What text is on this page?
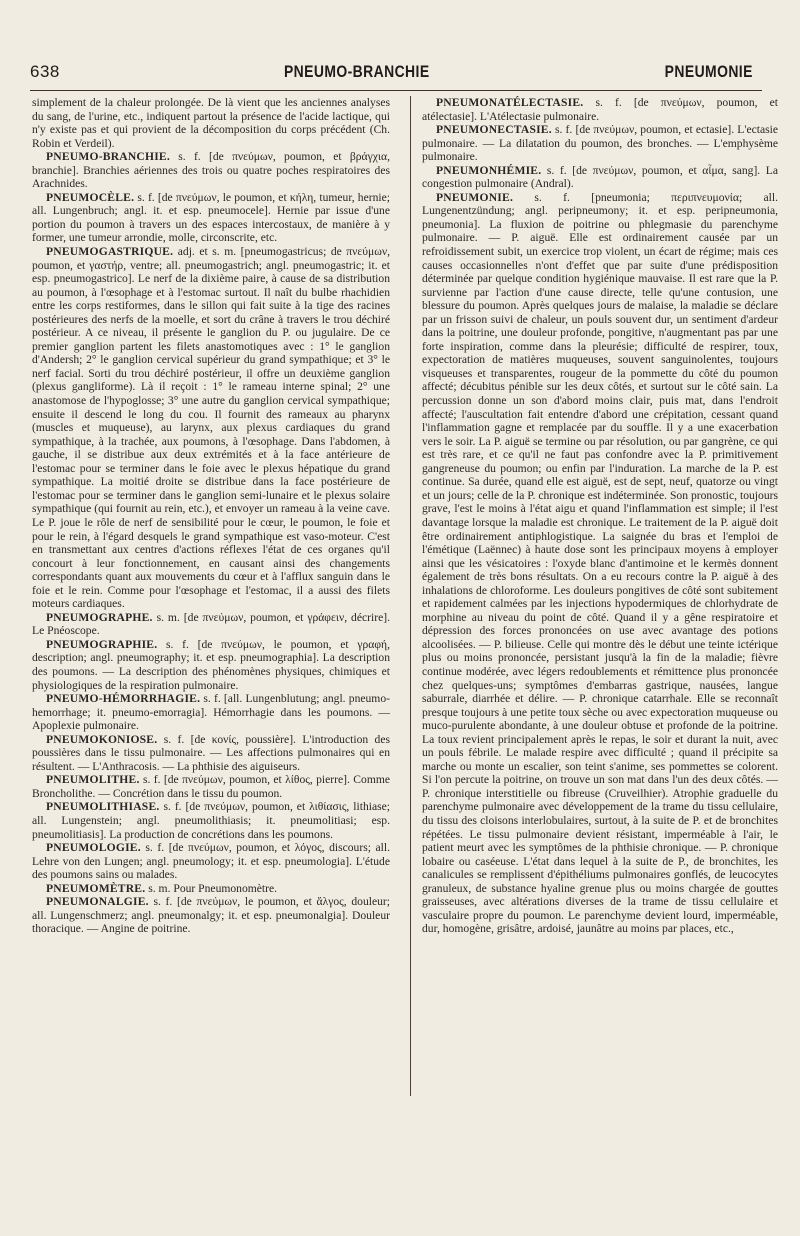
638	PNEUMO-BRANCHIE	PNEUMONIE

simplement de la chaleur prolongée. De là vient que les anciennes analyses du sang, de l'urine, etc., indiquent partout la présence de l'acide lactique, qui n'y existe pas et qui provient de la décomposition du corps précédent (Ch. Robin et Verdeil).

PNEUMO-BRANCHIE. s. f. [de πνεύμων, poumon, et βράγχια, branchie]. Branchies aériennes des trois ou quatre poches respiratoires des Arachnides.

PNEUMOCÈLE. s. f. [de πνεύμων, le poumon, et κήλη, tumeur, hernie; all. Lungenbruch; angl. it. et esp. pneumocele]. Hernie par issue d'une portion du poumon à travers un des espaces intercostaux, de manière à y former, une tumeur arrondie, molle, circonscrite, etc.

PNEUMOGASTRIQUE. adj. et s. m. [pneumogastricus; de πνεύμων, poumon, et γαστήρ, ventre; all. pneumogastrich; angl. pneumogastric; it. et esp. pneumogastrico]. Le nerf de la dixième paire, à cause de sa distribution au poumon, à l'œsophage et à l'estomac surtout. Il naît du bulbe rhachidien entre les corps restiformes, dans le sillon qui fait suite à la tige des racines postérieures des nerfs de la moelle, et sort du crâne à travers le trou déchiré postérieur. A ce niveau, il présente le ganglion du P. ou jugulaire. De ce premier ganglion partent les filets anastomotiques avec : 1° le ganglion d'Andersh; 2° le ganglion cervical supérieur du grand sympathique; et 3° le nerf facial. Sorti du trou déchiré postérieur, il offre un deuxième ganglion (plexus gangliforme). Là il reçoit : 1° le rameau interne spinal; 2° une anastomose de l'hypoglosse; 3° une autre du ganglion cervical sympathique; ensuite il descend le long du cou. Il fournit des rameaux au pharynx (muscles et muqueuse), au larynx, aux plexus cardiaques du grand sympathique, à la trachée, aux poumons, à l'œsophage. Dans l'abdomen, à gauche, il se distribue aux deux extrémités et à la face antérieure de l'estomac pour se terminer dans le foie avec le plexus hépatique du grand sympathique. La moitié droite se distribue dans la face postérieure de l'estomac pour se terminer dans le ganglion semi-lunaire et le plexus solaire sympathique (qui fournit au rein, etc.), et envoyer un rameau à la veine cave. Le P. joue le rôle de nerf de sensibilité pour le cœur, le poumon, le foie et pour le rein, à l'égard desquels le grand sympathique est vaso-moteur. C'est en transmettant aux centres d'actions réflexes l'état de ces organes qu'il concourt à leur fonctionnement, en causant ainsi des changements correspondants quant aux mouvements du cœur et à l'afflux sanguin dans le foie et le rein. Comme pour l'œsophage et l'estomac, il a aussi des filets moteurs cardiaques.

PNEUMOGRAPHE. s. m. [de πνεύμων, poumon, et γράφειν, décrire]. Le Pnéoscope.

PNEUMOGRAPHIE. s. f. [de πνεύμων, le poumon, et γραφή, description; angl. pneumography; it. et esp. pneumographia]. La description des poumons. — La description des phénomènes physiques, chimiques et physiologiques de la respiration pulmonaire.

PNEUMO-HÉMORRHAGIE. s. f. [all. Lungenblutung; angl. pneumo-hemorrhage; it. pneumo-emorragia]. Hémorrhagie dans les poumons. — Apoplexie pulmonaire.

PNEUMOKONIOSE. s. f. [de κονίς, poussière]. L'introduction des poussières dans le tissu pulmonaire. — Les affections pulmonaires qui en résultent. — L'Anthracosis. — La phthisie des aiguiseurs.

PNEUMOLITHE. s. f. [de πνεύμων, poumon, et λίθος, pierre]. Comme Broncholithe. — Concrétion dans le tissu du poumon.

PNEUMOLITHIASE. s. f. [de πνεύμων, poumon, et λιθίασις, lithiase; all. Lungenstein; angl. pneumolithiasis; it. pneumolitiasi; esp. pneumolitiasis]. La production de concrétions dans les poumons.

PNEUMOLOGIE. s. f. [de πνεύμων, poumon, et λόγος, discours; all. Lehre von den Lungen; angl. pneumology; it. et esp. pneumologia]. L'étude des poumons sains ou malades.

PNEUMOMÈTRE. s. m. Pour Pneumonomètre.

PNEUMONALGIE. s. f. [de πνεύμων, le poumon, et ἄλγος, douleur; all. Lungenschmerz; angl. pneumonalgy; it. et esp. pneumonalgia]. Douleur thoracique. — Angine de poitrine.

PNEUMONATÉLECTASIE. s. f. [de πνεύμων, poumon, et atélectasie]. L'Atélectasie pulmonaire.

PNEUMONECTASIE. s. f. [de πνεύμων, poumon, et ectasie]. L'ectasie pulmonaire. — La dilatation du poumon, des bronches. — L'emphysème pulmonaire.

PNEUMONHÉMIE. s. f. [de πνεύμων, poumon, et αἷμα, sang]. La congestion pulmonaire (Andral).

PNEUMONIE. s. f. [pneumonia; περιπνευμονία; all. Lungenentzündung; angl. peripneumony; it. et esp. peripneumonia, pneumonia]. La fluxion de poitrine ou phlegmasie du parenchyme pulmonaire. — P. aiguë. Elle est ordinairement causée par un refroidissement subit, un exercice trop violent, un écart de régime; mais ces causes occasionnelles n'ont d'effet que par suite d'une prédisposition déterminée par quelque condition hygiénique mauvaise. Il est rare que la P. survienne par l'action d'une cause directe, telle qu'une contusion, une blessure du poumon. Après quelques jours de malaise, la maladie se déclare par un frisson suivi de chaleur, un pouls souvent dur, un sentiment d'ardeur dans la poitrine, une douleur profonde, pongitive, n'augmentant pas par une forte inspiration, comme dans la pleurésie; difficulté de respirer, toux, expectoration de matières muqueuses, souvent sanguinolentes, toujours visqueuses et transparentes, rougeur de la pommette du côté du poumon affecté; décubitus pénible sur les deux côtés, et surtout sur le côté sain. La percussion donne un son d'abord moins clair, puis mat, dans l'endroit affecté; l'auscultation fait entendre d'abord une crépitation, cessant quand l'inflammation gagne et remplacée par du souffle. Il y a une exacerbation vers le soir. La P. aiguë se termine ou par résolution, ou par gangrène, ce qui est très rare, et ce qu'il ne faut pas confondre avec la P. primitivement gangreneuse du poumon; ou enfin par l'induration. La marche de la P. est continue. Sa durée, quand elle est aiguë, est de sept, neuf, quatorze ou vingt et un jours; celle de la P. chronique est indéterminée. Son pronostic, toujours grave, l'est le moins à l'état aigu et quand l'inflammation est simple; il l'est davantage lorsque la maladie est chronique. Le traitement de la P. aiguë doit être ordinairement antiphlogistique. La saignée du bras et l'emploi de l'émétique (Laënnec) à haute dose sont les principaux moyens à employer ainsi que les vésicatoires : l'oxyde blanc d'antimoine et le kermès donnent également de très bons résultats. On a eu recours contre la P. aiguë à des inhalations de chloroforme. Les douleurs pongitives de côté sont subitement et rapidement calmées par les injections hypodermiques de chlorhydrate de morphine au niveau du point de côté. Quand il y a gêne respiratoire et dépression des forces prononcées on use avec avantage des potions alcoolisées. — P. bilieuse. Celle qui montre dès le début une teinte ictérique plus ou moins prononcée, persistant jusqu'à la fin de la maladie; fièvre continue modérée, avec légers redoublements et rémittence plus prononcée chez quelques-uns; symptômes d'embarras gastrique, nausées, langue saburrale, diarrhée et délire. — P. chronique catarrhale. Elle se reconnaît presque toujours à une petite toux sèche ou avec expectoration muqueuse ou muco-purulente abondante, à une douleur obtuse et profonde de la poitrine. La toux revient principalement après le repas, le soir et durant la nuit, avec un pouls fébrile. Le malade respire avec difficulté ; quand il précipite sa marche ou monte un escalier, son teint s'anime, ses pommettes se colorent. Si l'on percute la poitrine, on trouve un son mat dans l'un des deux côtés. — P. chronique interstitielle ou fibreuse (Cruveilhier). Atrophie graduelle du parenchyme pulmonaire avec développement de la trame du tissu cellulaire, du tissu des cloisons interlobulaires, surtout, à la suite de P. et de bronchites répétées. Le tissu pulmonaire devient résistant, imperméable à l'air, le patient meurt avec les symptômes de la phthisie chronique. — P. chronique lobaire ou caséeuse. L'état dans lequel à la suite de P., de bronchites, les canalicules se remplissent d'épithéliums pulmonaires gonflés, de leucocytes granuleux, de substance hyaline grenue plus ou moins chargée de gouttes graisseuses, avec altérations diverses de la trame de tissu cellulaire et vasculaire propre du poumon. Le parenchyme devient lourd, imperméable, dur, homogène, grisâtre, ardoisé, jaunâtre au moins par places, etc.,
